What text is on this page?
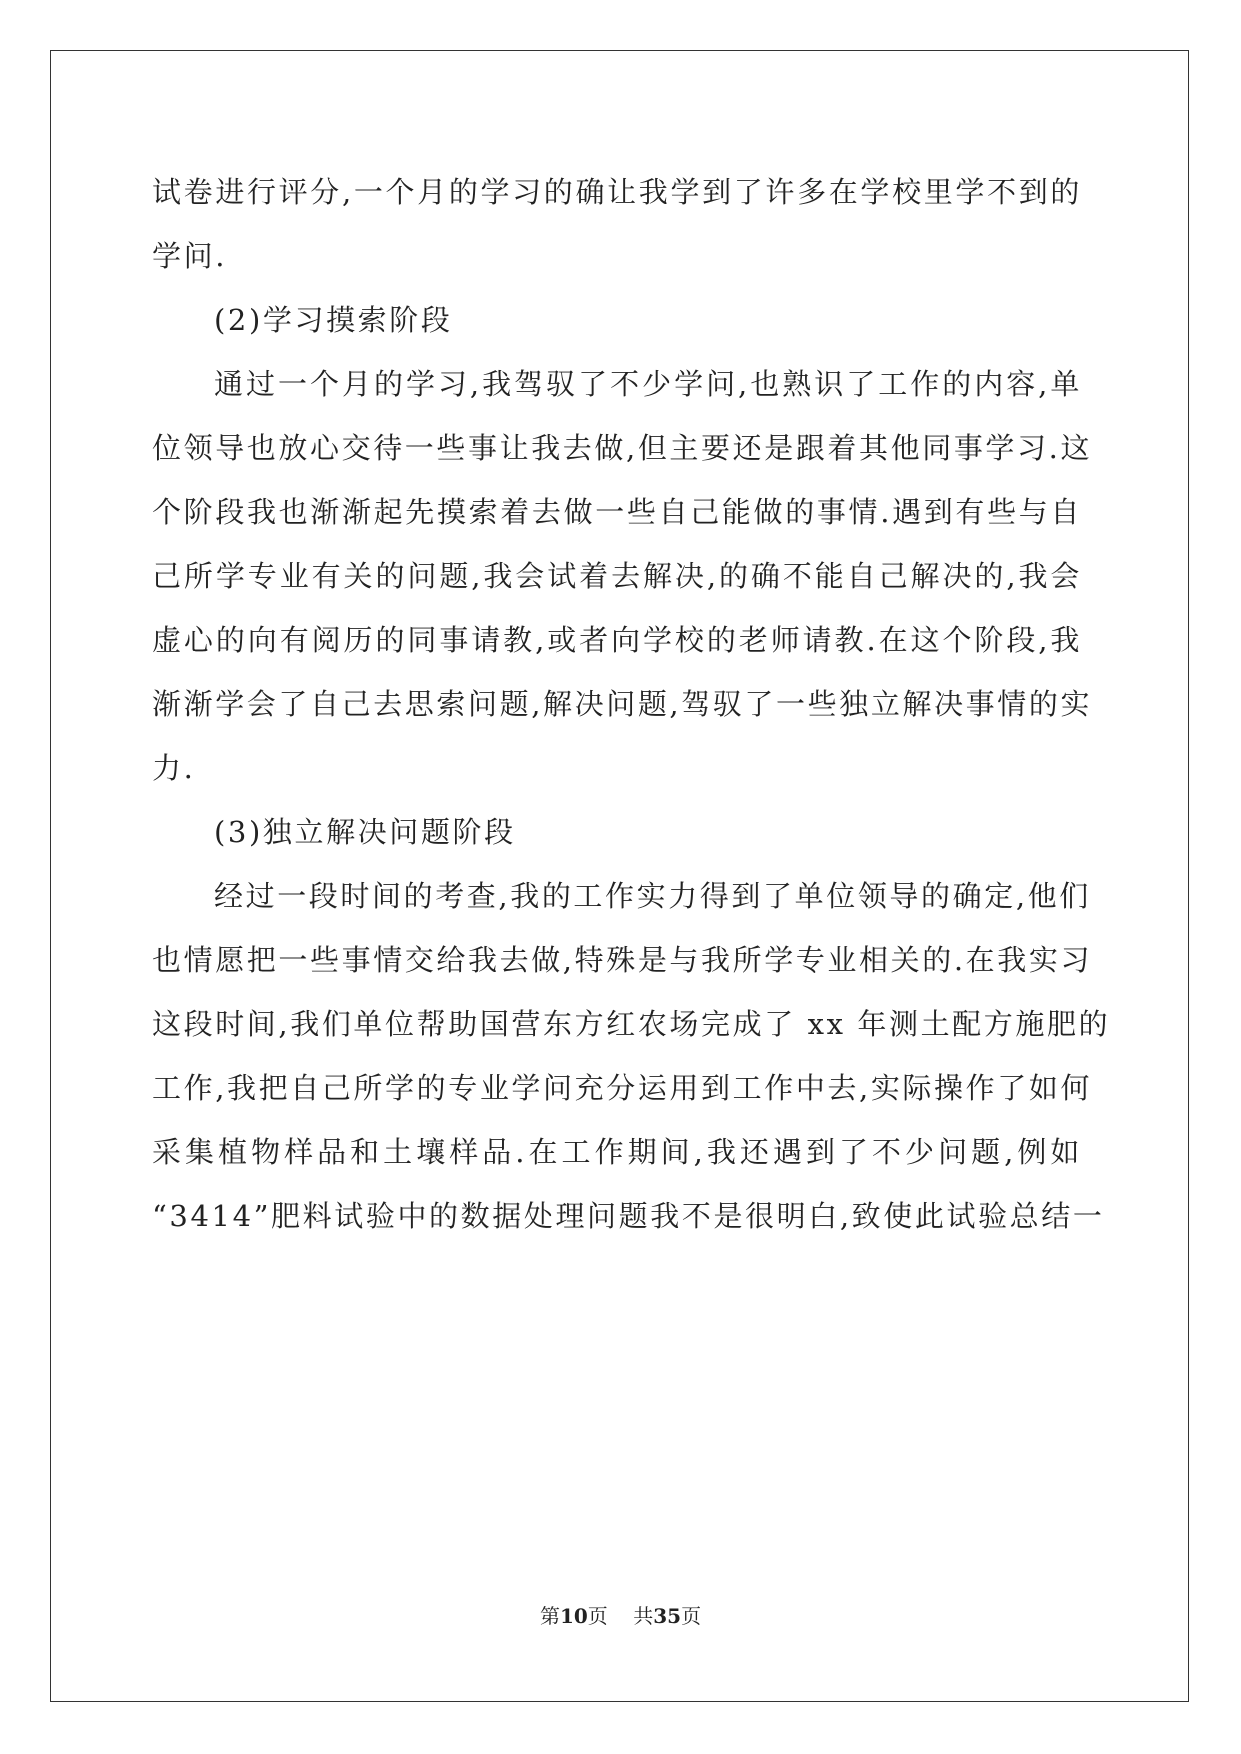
试卷进行评分,一个月的学习的确让我学到了许多在学校里学不到的
学问.
(2)学习摸索阶段
通过一个月的学习,我驾驭了不少学问,也熟识了工作的内容,单
位领导也放心交待一些事让我去做,但主要还是跟着其他同事学习.这
个阶段我也渐渐起先摸索着去做一些自己能做的事情.遇到有些与自
己所学专业有关的问题,我会试着去解决,的确不能自己解决的,我会
虚心的向有阅历的同事请教,或者向学校的老师请教.在这个阶段,我
渐渐学会了自己去思索问题,解决问题,驾驭了一些独立解决事情的实
力.
(3)独立解决问题阶段
经过一段时间的考查,我的工作实力得到了单位领导的确定,他们
也情愿把一些事情交给我去做,特殊是与我所学专业相关的.在我实习
这段时间,我们单位帮助国营东方红农场完成了 xx 年测土配方施肥的
工作,我把自己所学的专业学问充分运用到工作中去,实际操作了如何
采集植物样品和土壤样品.在工作期间,我还遇到了不少问题,例如
“3414”肥料试验中的数据处理问题我不是很明白,致使此试验总结一
第10页 共35页
